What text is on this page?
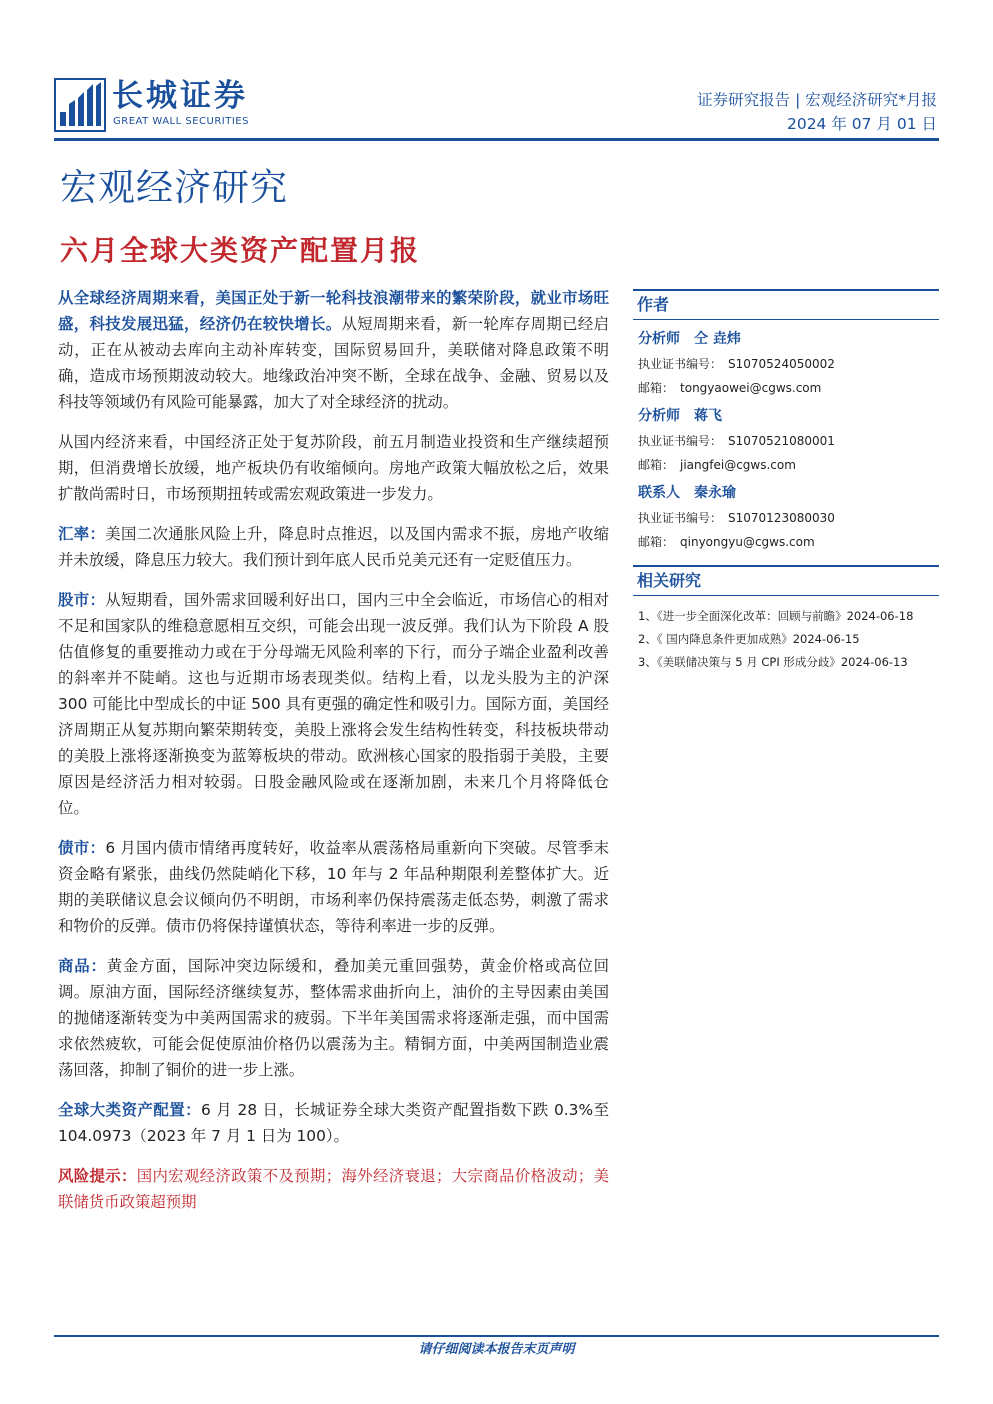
长城证券
GREAT WALL SECURITIES
证券研究报告 | 宏观经济研究*月报
2024 年 07 月 01 日
宏观经济研究
六月全球大类资产配置月报

从全球经济周期来看，美国正处于新一轮科技浪潮带来的繁荣阶段，就业市场旺盛，科技发展迅猛，经济仍在较快增长。从短周期来看，新一轮库存周期已经启动，正在从被动去库向主动补库转变，国际贸易回升，美联储对降息政策不明确，造成市场预期波动较大。地缘政治冲突不断，全球在战争、金融、贸易以及科技等领域仍有风险可能暴露，加大了对全球经济的扰动。

从国内经济来看，中国经济正处于复苏阶段，前五月制造业投资和生产继续超预期，但消费增长放缓，地产板块仍有收缩倾向。房地产政策大幅放松之后，效果扩散尚需时日，市场预期扭转或需宏观政策进一步发力。

汇率：美国二次通胀风险上升，降息时点推迟，以及国内需求不振，房地产收缩并未放缓，降息压力较大。我们预计到年底人民币兑美元还有一定贬值压力。

股市：从短期看，国外需求回暖利好出口，国内三中全会临近，市场信心的相对不足和国家队的维稳意愿相互交织，可能会出现一波反弹。我们认为下阶段 A 股估值修复的重要推动力或在于分母端无风险利率的下行，而分子端企业盈利改善的斜率并不陡峭。这也与近期市场表现类似。结构上看，以龙头股为主的沪深 300 可能比中型成长的中证 500 具有更强的确定性和吸引力。国际方面，美国经济周期正从复苏期向繁荣期转变，美股上涨将会发生结构性转变，科技板块带动的美股上涨将逐渐换变为蓝筹板块的带动。欧洲核心国家的股指弱于美股，主要原因是经济活力相对较弱。日股金融风险或在逐渐加剧，未来几个月将降低仓位。

债市：6 月国内债市情绪再度转好，收益率从震荡格局重新向下突破。尽管季末资金略有紧张，曲线仍然陡峭化下移，10 年与 2 年品种期限利差整体扩大。近期的美联储议息会议倾向仍不明朗，市场利率仍保持震荡走低态势，刺激了需求和物价的反弹。债市仍将保持谨慎状态，等待利率进一步的反弹。

商品：黄金方面，国际冲突边际缓和，叠加美元重回强势，黄金价格或高位回调。原油方面，国际经济继续复苏，整体需求曲折向上，油价的主导因素由美国的抛储逐渐转变为中美两国需求的疲弱。下半年美国需求将逐渐走强，而中国需求依然疲软，可能会促使原油价格仍以震荡为主。精铜方面，中美两国制造业震荡回落，抑制了铜价的进一步上涨。

全球大类资产配置：6 月 28 日，长城证券全球大类资产配置指数下跌 0.3%至 104.0973（2023 年 7 月 1 日为 100）。

风险提示：国内宏观经济政策不及预期；海外经济衰退；大宗商品价格波动；美联储货币政策超预期

作者
分析师 仝 垚炜
执业证书编号： S1070524050002
邮箱： tongyaowei@cgws.com
分析师 蒋飞
执业证书编号： S1070521080001
邮箱： jiangfei@cgws.com
联系人 秦永瑜
执业证书编号： S1070123080030
邮箱： qinyongyu@cgws.com
相关研究
1、《进一步全面深化改革：回顾与前瞻》2024-06-18
2、《 国内降息条件更加成熟》2024-06-15
3、《美联储决策与 5 月 CPI 形成分歧》2024-06-13
请仔细阅读本报告末页声明
